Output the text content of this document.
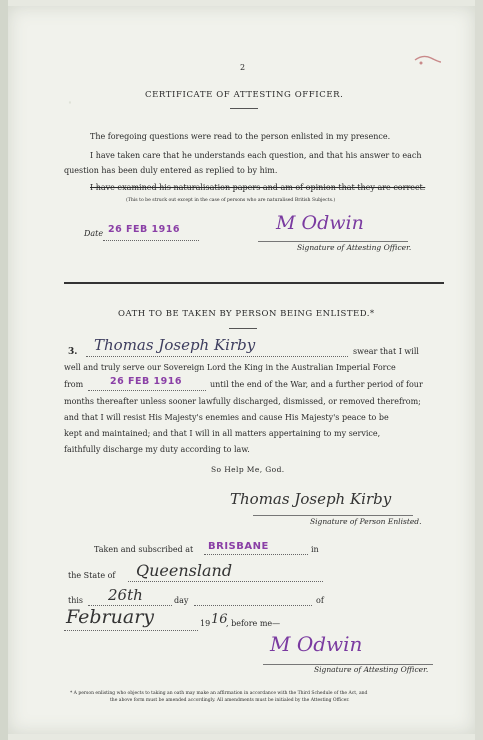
·
2
CERTIFICATE OF ATTESTING OFFICER.
The foregoing questions were read to the person enlisted in my presence.
I have taken care that he understands each question, and that his answer to each
question has been duly entered as replied to by him.
I have examined his naturalisation papers and am of opinion that they are correct.
(This to be struck out except in the case of persons who are naturalised British Subjects.)
Date 26 FEB 1916	M Odwin
Signature of Attesting Officer.
OATH TO BE TAKEN BY PERSON BEING ENLISTED.*
3. Thomas Joseph Kirby	swear that I will
well and truly serve our Sovereign Lord the King in the Australian Imperial Force
from	26 FEB 1916	until the end of the War, and a further period of four
months thereafter unless sooner lawfully discharged, dismissed, or removed therefrom;
and that I will resist His Majesty's enemies and cause His Majesty's peace to be
kept and maintained; and that I will in all matters appertaining to my service,
faithfully discharge my duty according to law.
So Help Me, God.
Thomas Joseph Kirby
Signature of Person Enlisted.
Taken and subscribed at BRISBANE	in
the State of Queensland
this 26th	day	of
February	19 16
, before me—
M Odwin
Signature of Attesting Officer.
* A person enlisting who objects to taking an oath may make an affirmation in accordance with the Third Schedule of the Act, and
the above form must be amended accordingly. All amendments must be initialed by the Attesting Officer.
